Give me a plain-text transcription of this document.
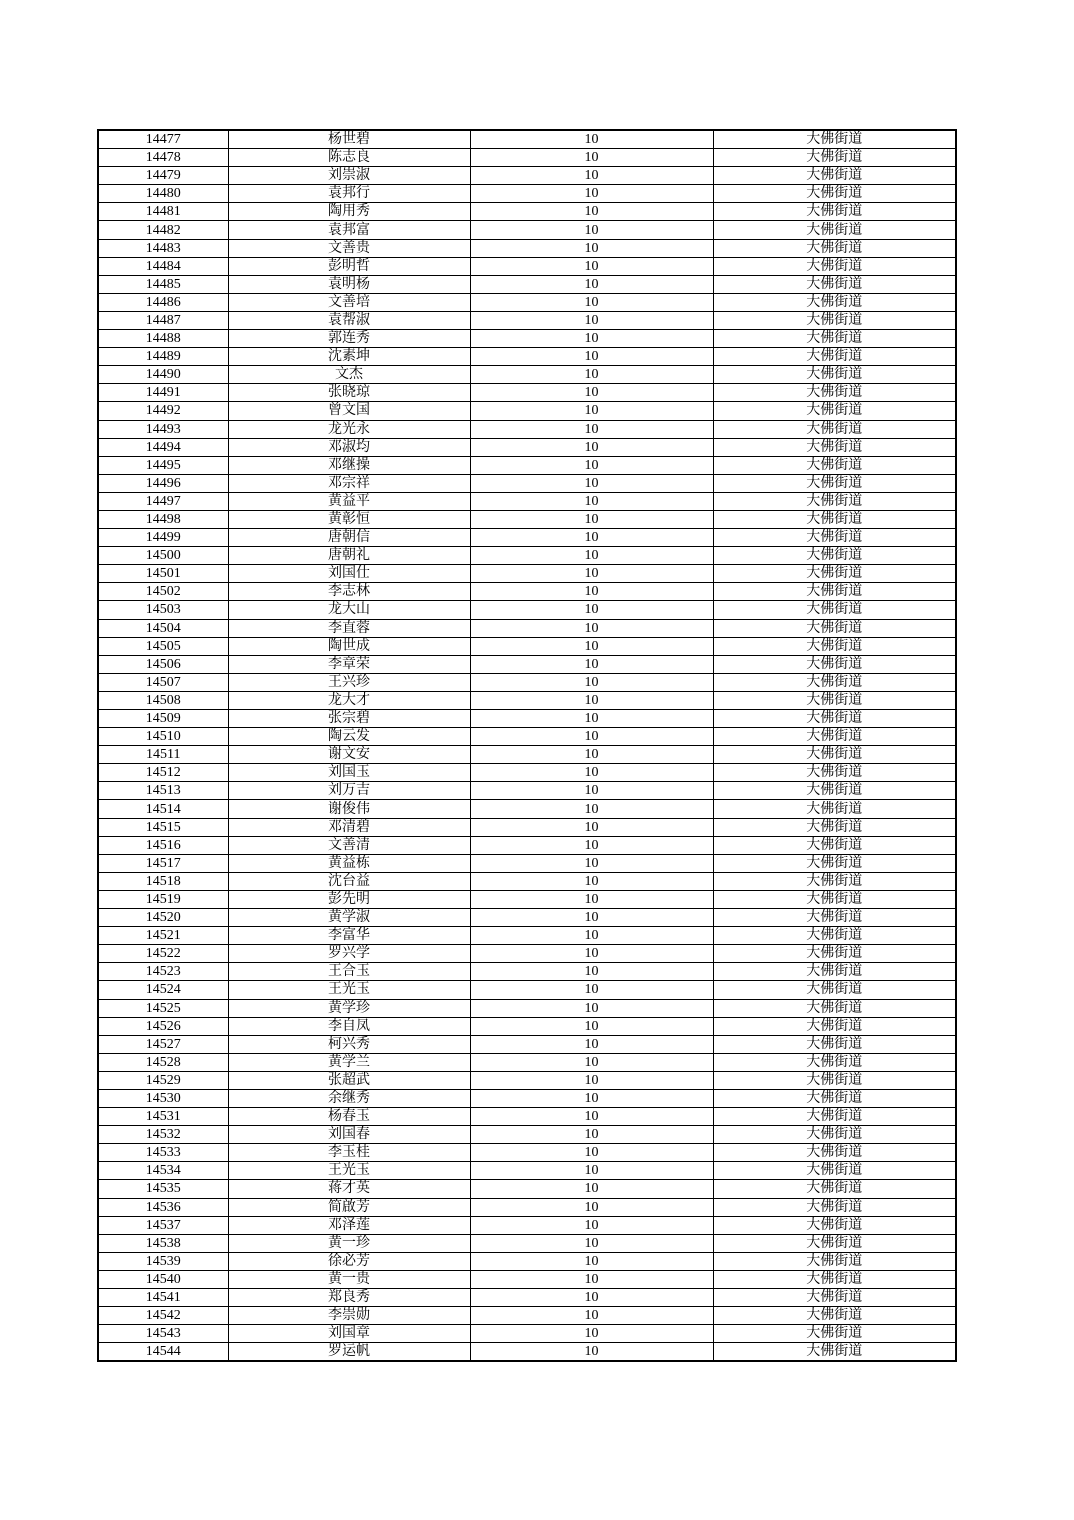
14477	杨世碧	10	大佛街道
14478	陈志良	10	大佛街道
14479	刘崇淑	10	大佛街道
14480	袁邦行	10	大佛街道
14481	陶用秀	10	大佛街道
14482	袁邦富	10	大佛街道
14483	文善贵	10	大佛街道
14484	彭明哲	10	大佛街道
14485	袁明杨	10	大佛街道
14486	文善培	10	大佛街道
14487	袁帮淑	10	大佛街道
14488	郭连秀	10	大佛街道
14489	沈素坤	10	大佛街道
14490	文杰	10	大佛街道
14491	张晓琼	10	大佛街道
14492	曾文国	10	大佛街道
14493	龙光永	10	大佛街道
14494	邓淑均	10	大佛街道
14495	邓继操	10	大佛街道
14496	邓宗祥	10	大佛街道
14497	黄益平	10	大佛街道
14498	黄彰恒	10	大佛街道
14499	唐朝信	10	大佛街道
14500	唐朝礼	10	大佛街道
14501	刘国仕	10	大佛街道
14502	李志林	10	大佛街道
14503	龙大山	10	大佛街道
14504	李直蓉	10	大佛街道
14505	陶世成	10	大佛街道
14506	李章荣	10	大佛街道
14507	王兴珍	10	大佛街道
14508	龙大才	10	大佛街道
14509	张宗碧	10	大佛街道
14510	陶云发	10	大佛街道
14511	谢文安	10	大佛街道
14512	刘国玉	10	大佛街道
14513	刘万吉	10	大佛街道
14514	谢俊伟	10	大佛街道
14515	邓清碧	10	大佛街道
14516	文善清	10	大佛街道
14517	黄益栋	10	大佛街道
14518	沈台益	10	大佛街道
14519	彭先明	10	大佛街道
14520	黄学淑	10	大佛街道
14521	李富华	10	大佛街道
14522	罗兴学	10	大佛街道
14523	王合玉	10	大佛街道
14524	王光玉	10	大佛街道
14525	黄学珍	10	大佛街道
14526	李自凤	10	大佛街道
14527	柯兴秀	10	大佛街道
14528	黄学兰	10	大佛街道
14529	张超武	10	大佛街道
14530	余继秀	10	大佛街道
14531	杨春玉	10	大佛街道
14532	刘国春	10	大佛街道
14533	李玉桂	10	大佛街道
14534	王光玉	10	大佛街道
14535	蒋才英	10	大佛街道
14536	简啟芳	10	大佛街道
14537	邓泽莲	10	大佛街道
14538	黄一珍	10	大佛街道
14539	徐必芳	10	大佛街道
14540	黄一贵	10	大佛街道
14541	郑良秀	10	大佛街道
14542	李崇勋	10	大佛街道
14543	刘国章	10	大佛街道
14544	罗运帆	10	大佛街道
